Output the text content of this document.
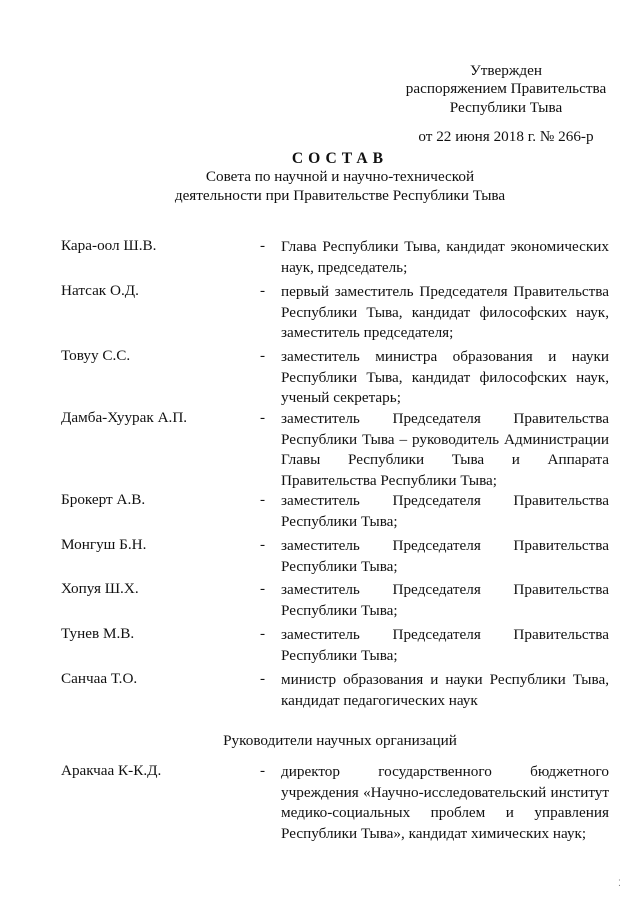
Утвержден
распоряжением Правительства
Республики Тыва
от 22 июня 2018 г. № 266-р
СОСТАВ
Совета по научной и научно-технической
деятельности при Правительстве Республики Тыва
Кара-оол Ш.В.	- Глава Республики Тыва, кандидат экономических наук, председатель;
Натсак О.Д.	- первый заместитель Председателя Правительства Республики Тыва, кандидат философских наук, заместитель председателя;
Товуу С.С.	- заместитель министра образования и науки Республики Тыва, кандидат философских наук, ученый секретарь;
Дамба-Хуурак А.П.	- заместитель Председателя Правительства Республики Тыва – руководитель Администрации Главы Республики Тыва и Аппарата Правительства Республики Тыва;
Брокерт А.В.	- заместитель Председателя Правительства Республики Тыва;
Монгуш Б.Н.	- заместитель Председателя Правительства Республики Тыва;
Хопуя Ш.Х.	- заместитель Председателя Правительства Республики Тыва;
Тунев М.В.	- заместитель Председателя Правительства Республики Тыва;
Санчаа Т.О.	- министр образования и науки Республики Тыва, кандидат педагогических наук
Руководители научных организаций
Аракчаа К-К.Д.	- директор государственного бюджетного учреждения «Научно-исследовательский институт медико-социальных проблем и управления Республики Тыва», кандидат химических наук;
⁚
